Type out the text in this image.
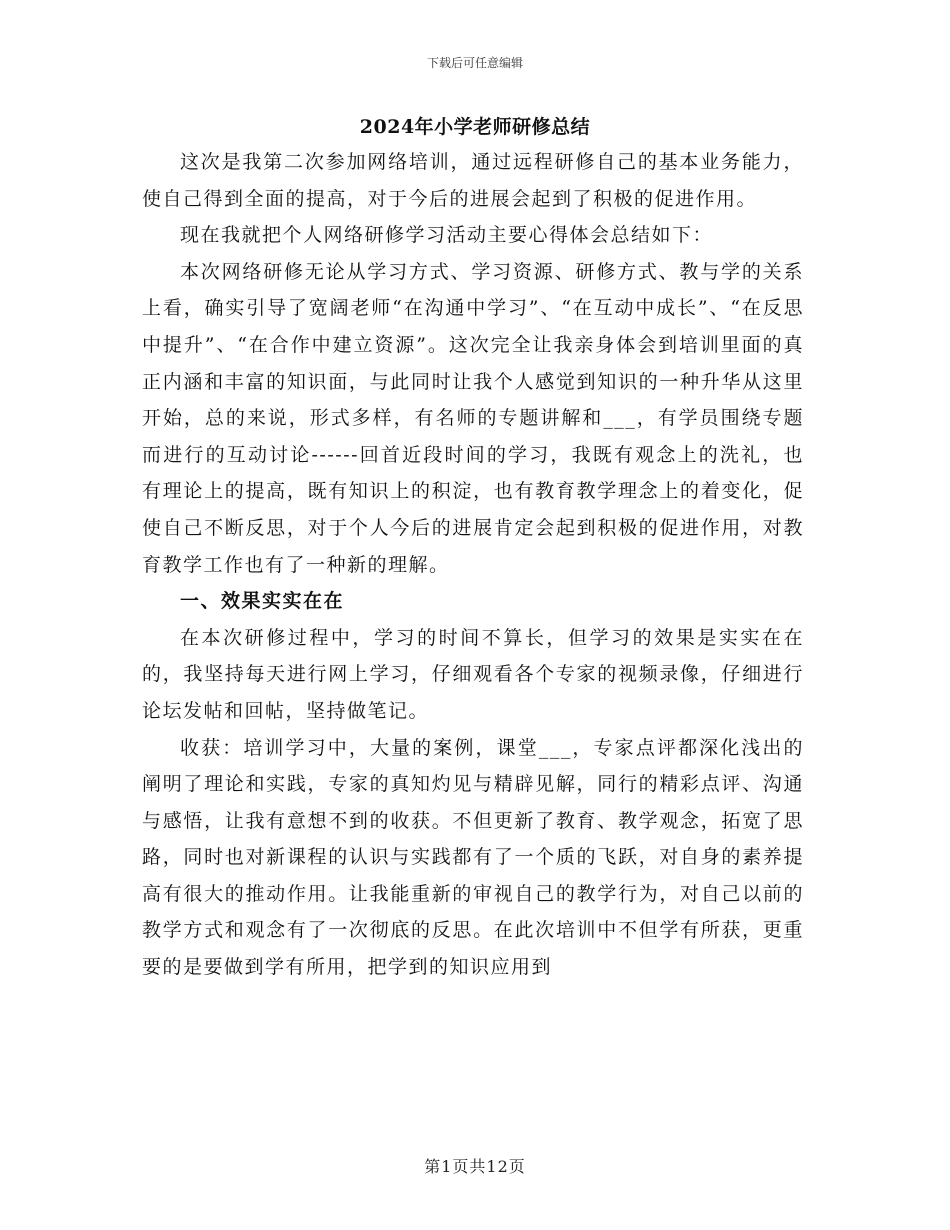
下载后可任意编辑
2024年小学老师研修总结

这次是我第二次参加网络培训，通过远程研修自己的基本业务能力，使自己得到全面的提高，对于今后的进展会起到了积极的促进作用。

现在我就把个人网络研修学习活动主要心得体会总结如下：

本次网络研修无论从学习方式、学习资源、研修方式、教与学的关系上看，确实引导了宽阔老师“在沟通中学习”、“在互动中成长”、“在反思中提升”、“在合作中建立资源”。这次完全让我亲身体会到培训里面的真正内涵和丰富的知识面，与此同时让我个人感觉到知识的一种升华从这里开始，总的来说，形式多样，有名师的专题讲解和___，有学员围绕专题而进行的互动讨论------回首近段时间的学习，我既有观念上的洗礼，也有理论上的提高，既有知识上的积淀，也有教育教学理念上的着变化，促使自己不断反思，对于个人今后的进展肯定会起到积极的促进作用，对教育教学工作也有了一种新的理解。

一、效果实实在在

在本次研修过程中，学习的时间不算长，但学习的效果是实实在在的，我坚持每天进行网上学习，仔细观看各个专家的视频录像，仔细进行论坛发帖和回帖，坚持做笔记。

收获：培训学习中，大量的案例，课堂___，专家点评都深化浅出的阐明了理论和实践，专家的真知灼见与精辟见解，同行的精彩点评、沟通与感悟，让我有意想不到的收获。不但更新了教育、教学观念，拓宽了思路，同时也对新课程的认识与实践都有了一个质的飞跃，对自身的素养提高有很大的推动作用。让我能重新的审视自己的教学行为，对自己以前的教学方式和观念有了一次彻底的反思。在此次培训中不但学有所获，更重要的是要做到学有所用，把学到的知识应用到

第1页共12页
